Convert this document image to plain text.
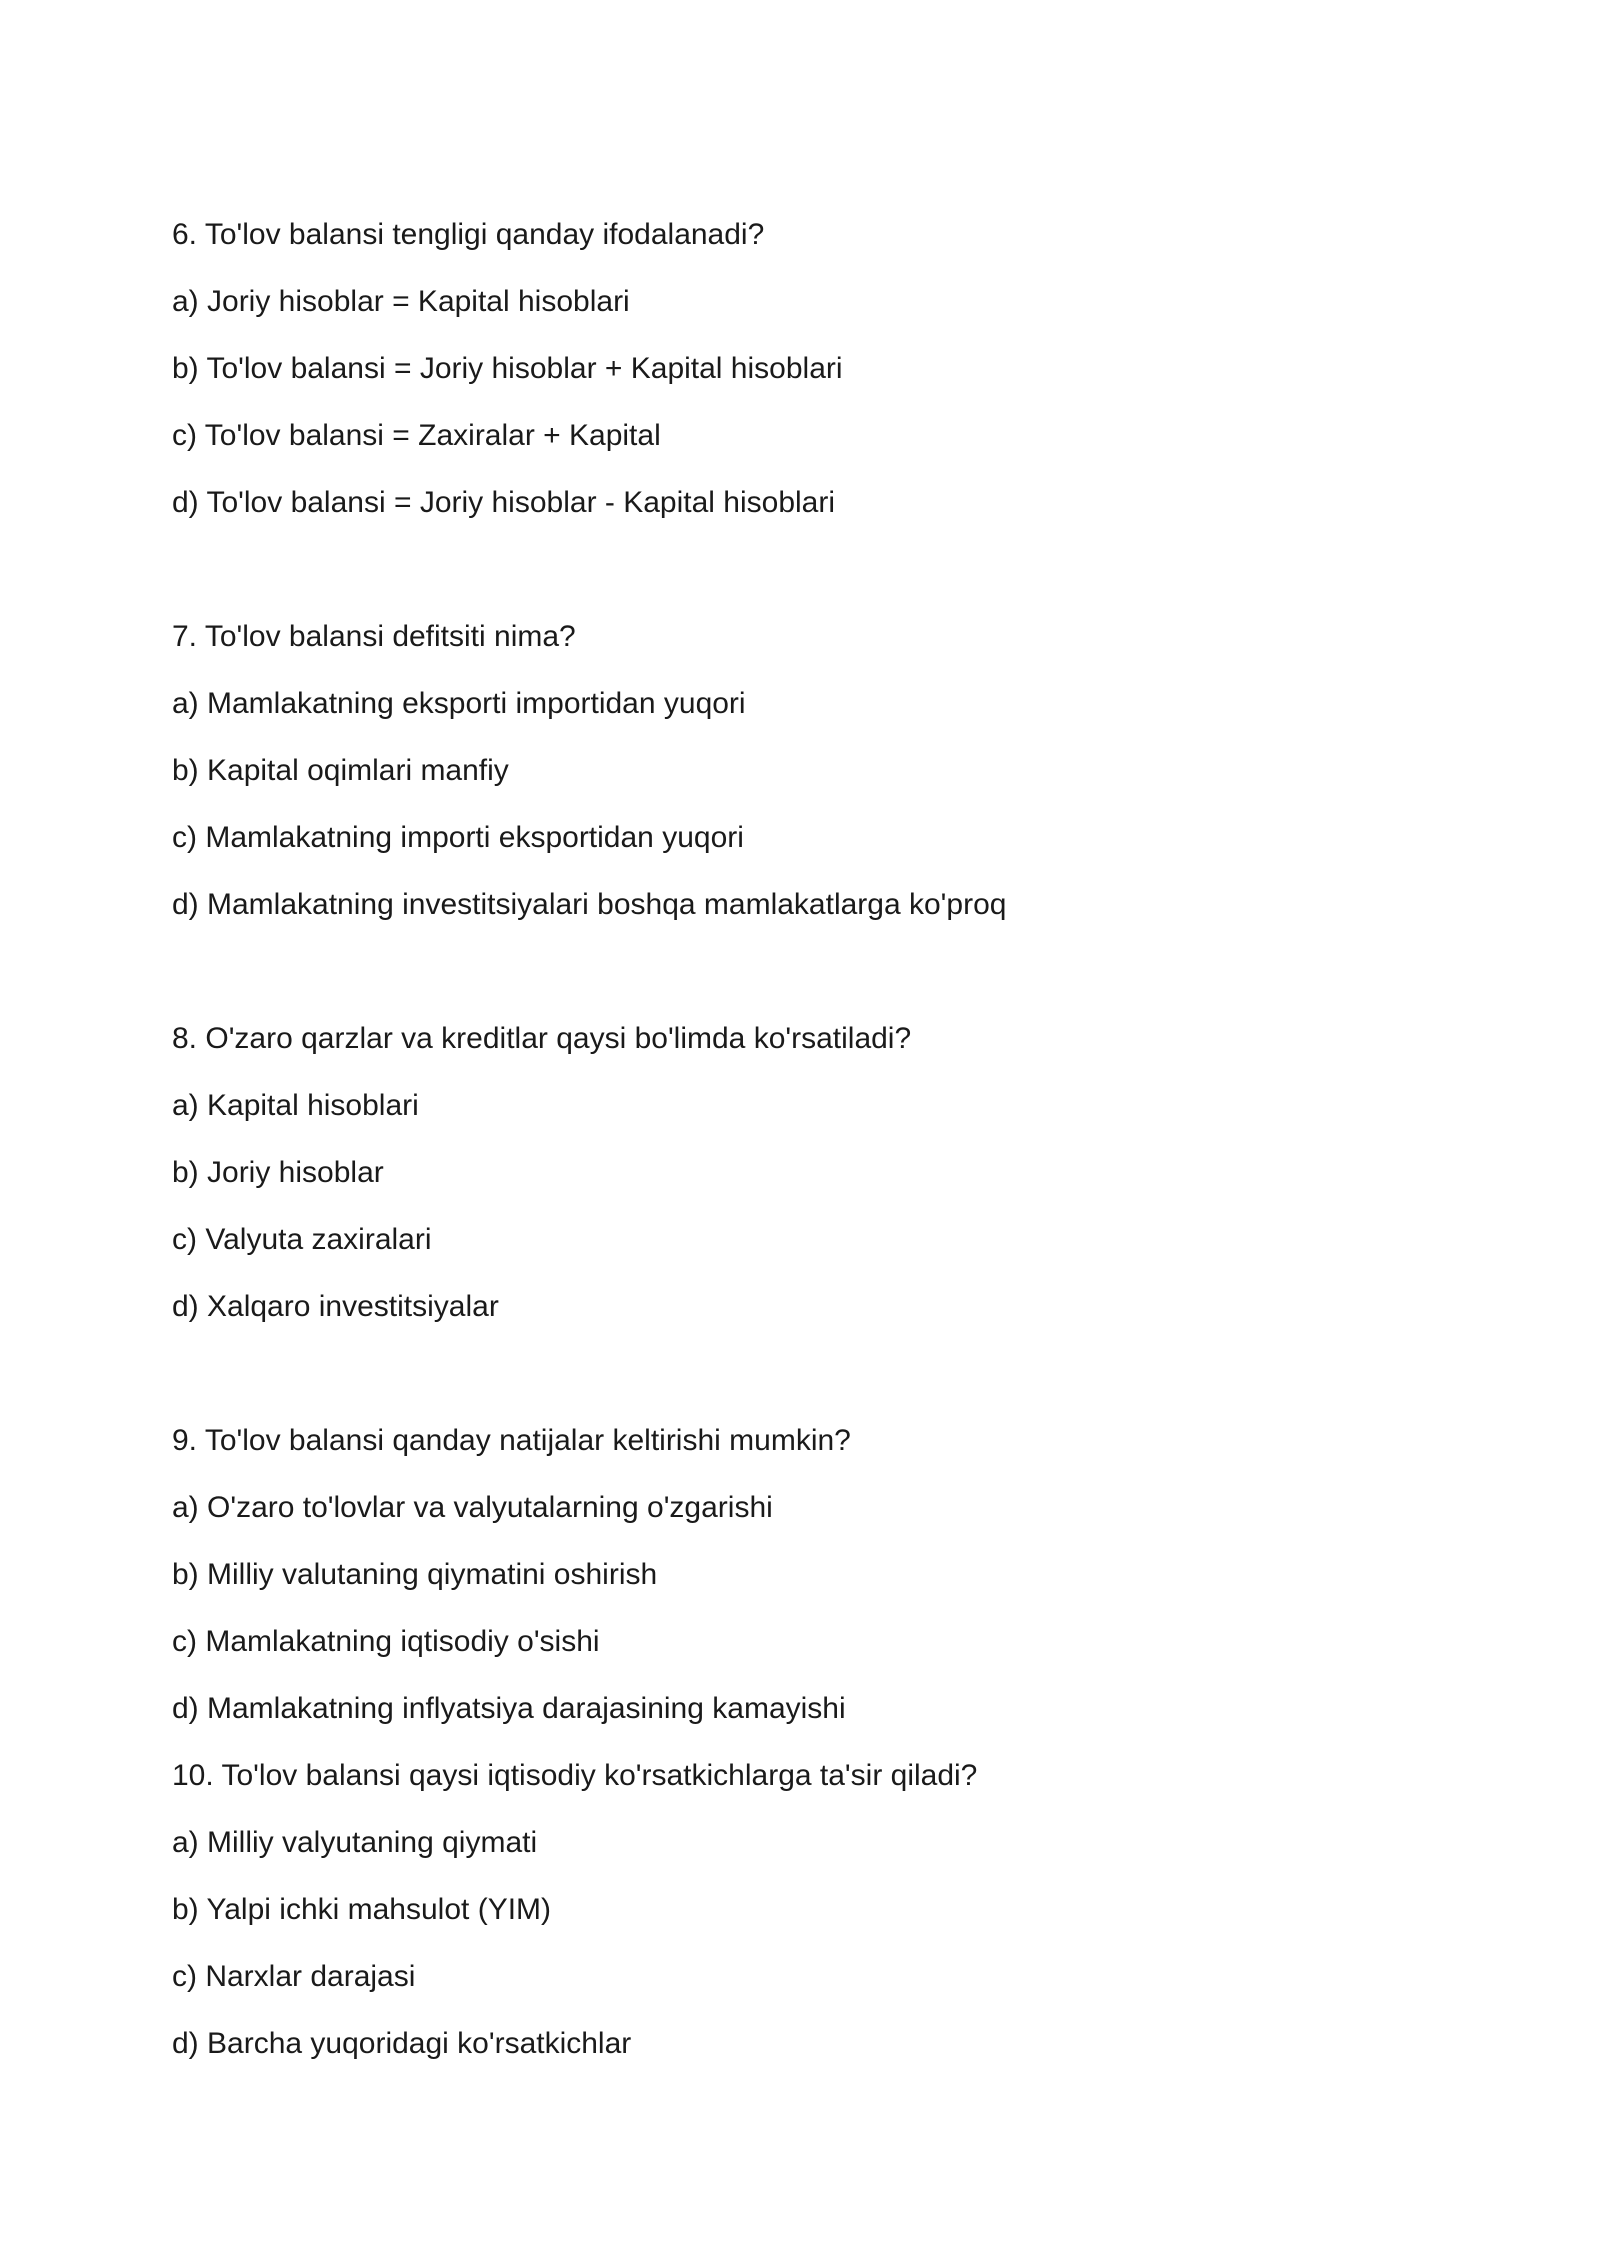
6. To'lov balansi tengligi qanday ifodalanadi?
a) Joriy hisoblar = Kapital hisoblari
b) To'lov balansi = Joriy hisoblar + Kapital hisoblari
c) To'lov balansi = Zaxiralar + Kapital
d) To'lov balansi = Joriy hisoblar - Kapital hisoblari
7. To'lov balansi defitsiti nima?
a) Mamlakatning eksporti importidan yuqori
b) Kapital oqimlari manfiy
c) Mamlakatning importi eksportidan yuqori
d) Mamlakatning investitsiyalari boshqa mamlakatlarga ko'proq
8. O'zaro qarzlar va kreditlar qaysi bo'limda ko'rsatiladi?
a) Kapital hisoblari
b) Joriy hisoblar
c) Valyuta zaxiralari
d) Xalqaro investitsiyalar
9. To'lov balansi qanday natijalar keltirishi mumkin?
a) O'zaro to'lovlar va valyutalarning o'zgarishi
b) Milliy valutaning qiymatini oshirish
c) Mamlakatning iqtisodiy o'sishi
d) Mamlakatning inflyatsiya darajasining kamayishi
10. To'lov balansi qaysi iqtisodiy ko'rsatkichlarga ta'sir qiladi?
a) Milliy valyutaning qiymati
b) Yalpi ichki mahsulot (YIM)
c) Narxlar darajasi
d) Barcha yuqoridagi ko'rsatkichlar
